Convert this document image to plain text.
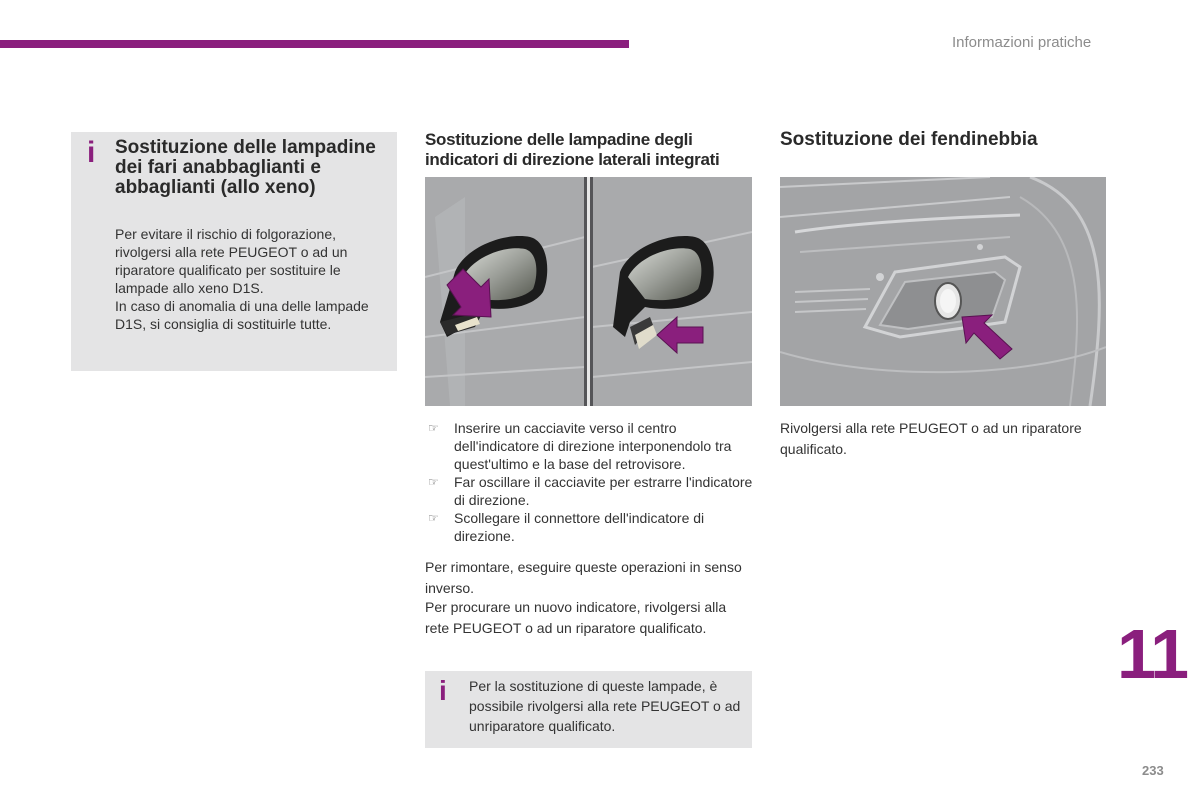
Informazioni pratiche
i Sostituzione delle lampadine dei fari anabbaglianti e abbaglianti (allo xeno)
Per evitare il rischio di folgorazione, rivolgersi alla rete PEUGEOT o ad un riparatore qualificato per sostituire le lampade allo xeno D1S.
In caso di anomalia di una delle lampade D1S, si consiglia di sostituirle tutte.
Sostituzione delle lampadine degli indicatori di direzione laterali integrati
☞ Inserire un cacciavite verso il centro dell'indicatore di direzione interponendolo tra quest'ultimo e la base del retrovisore.
☞ Far oscillare il cacciavite per estrarre l'indicatore di direzione.
☞ Scollegare il connettore dell'indicatore di direzione.
Per rimontare, eseguire queste operazioni in senso inverso.
Per procurare un nuovo indicatore, rivolgersi alla rete PEUGEOT o ad un riparatore qualificato.
i Per la sostituzione di queste lampade, è possibile rivolgersi alla rete PEUGEOT o ad unriparatore qualificato.
Sostituzione dei fendinebbia
Rivolgersi alla rete PEUGEOT o ad un riparatore qualificato.
11
233
